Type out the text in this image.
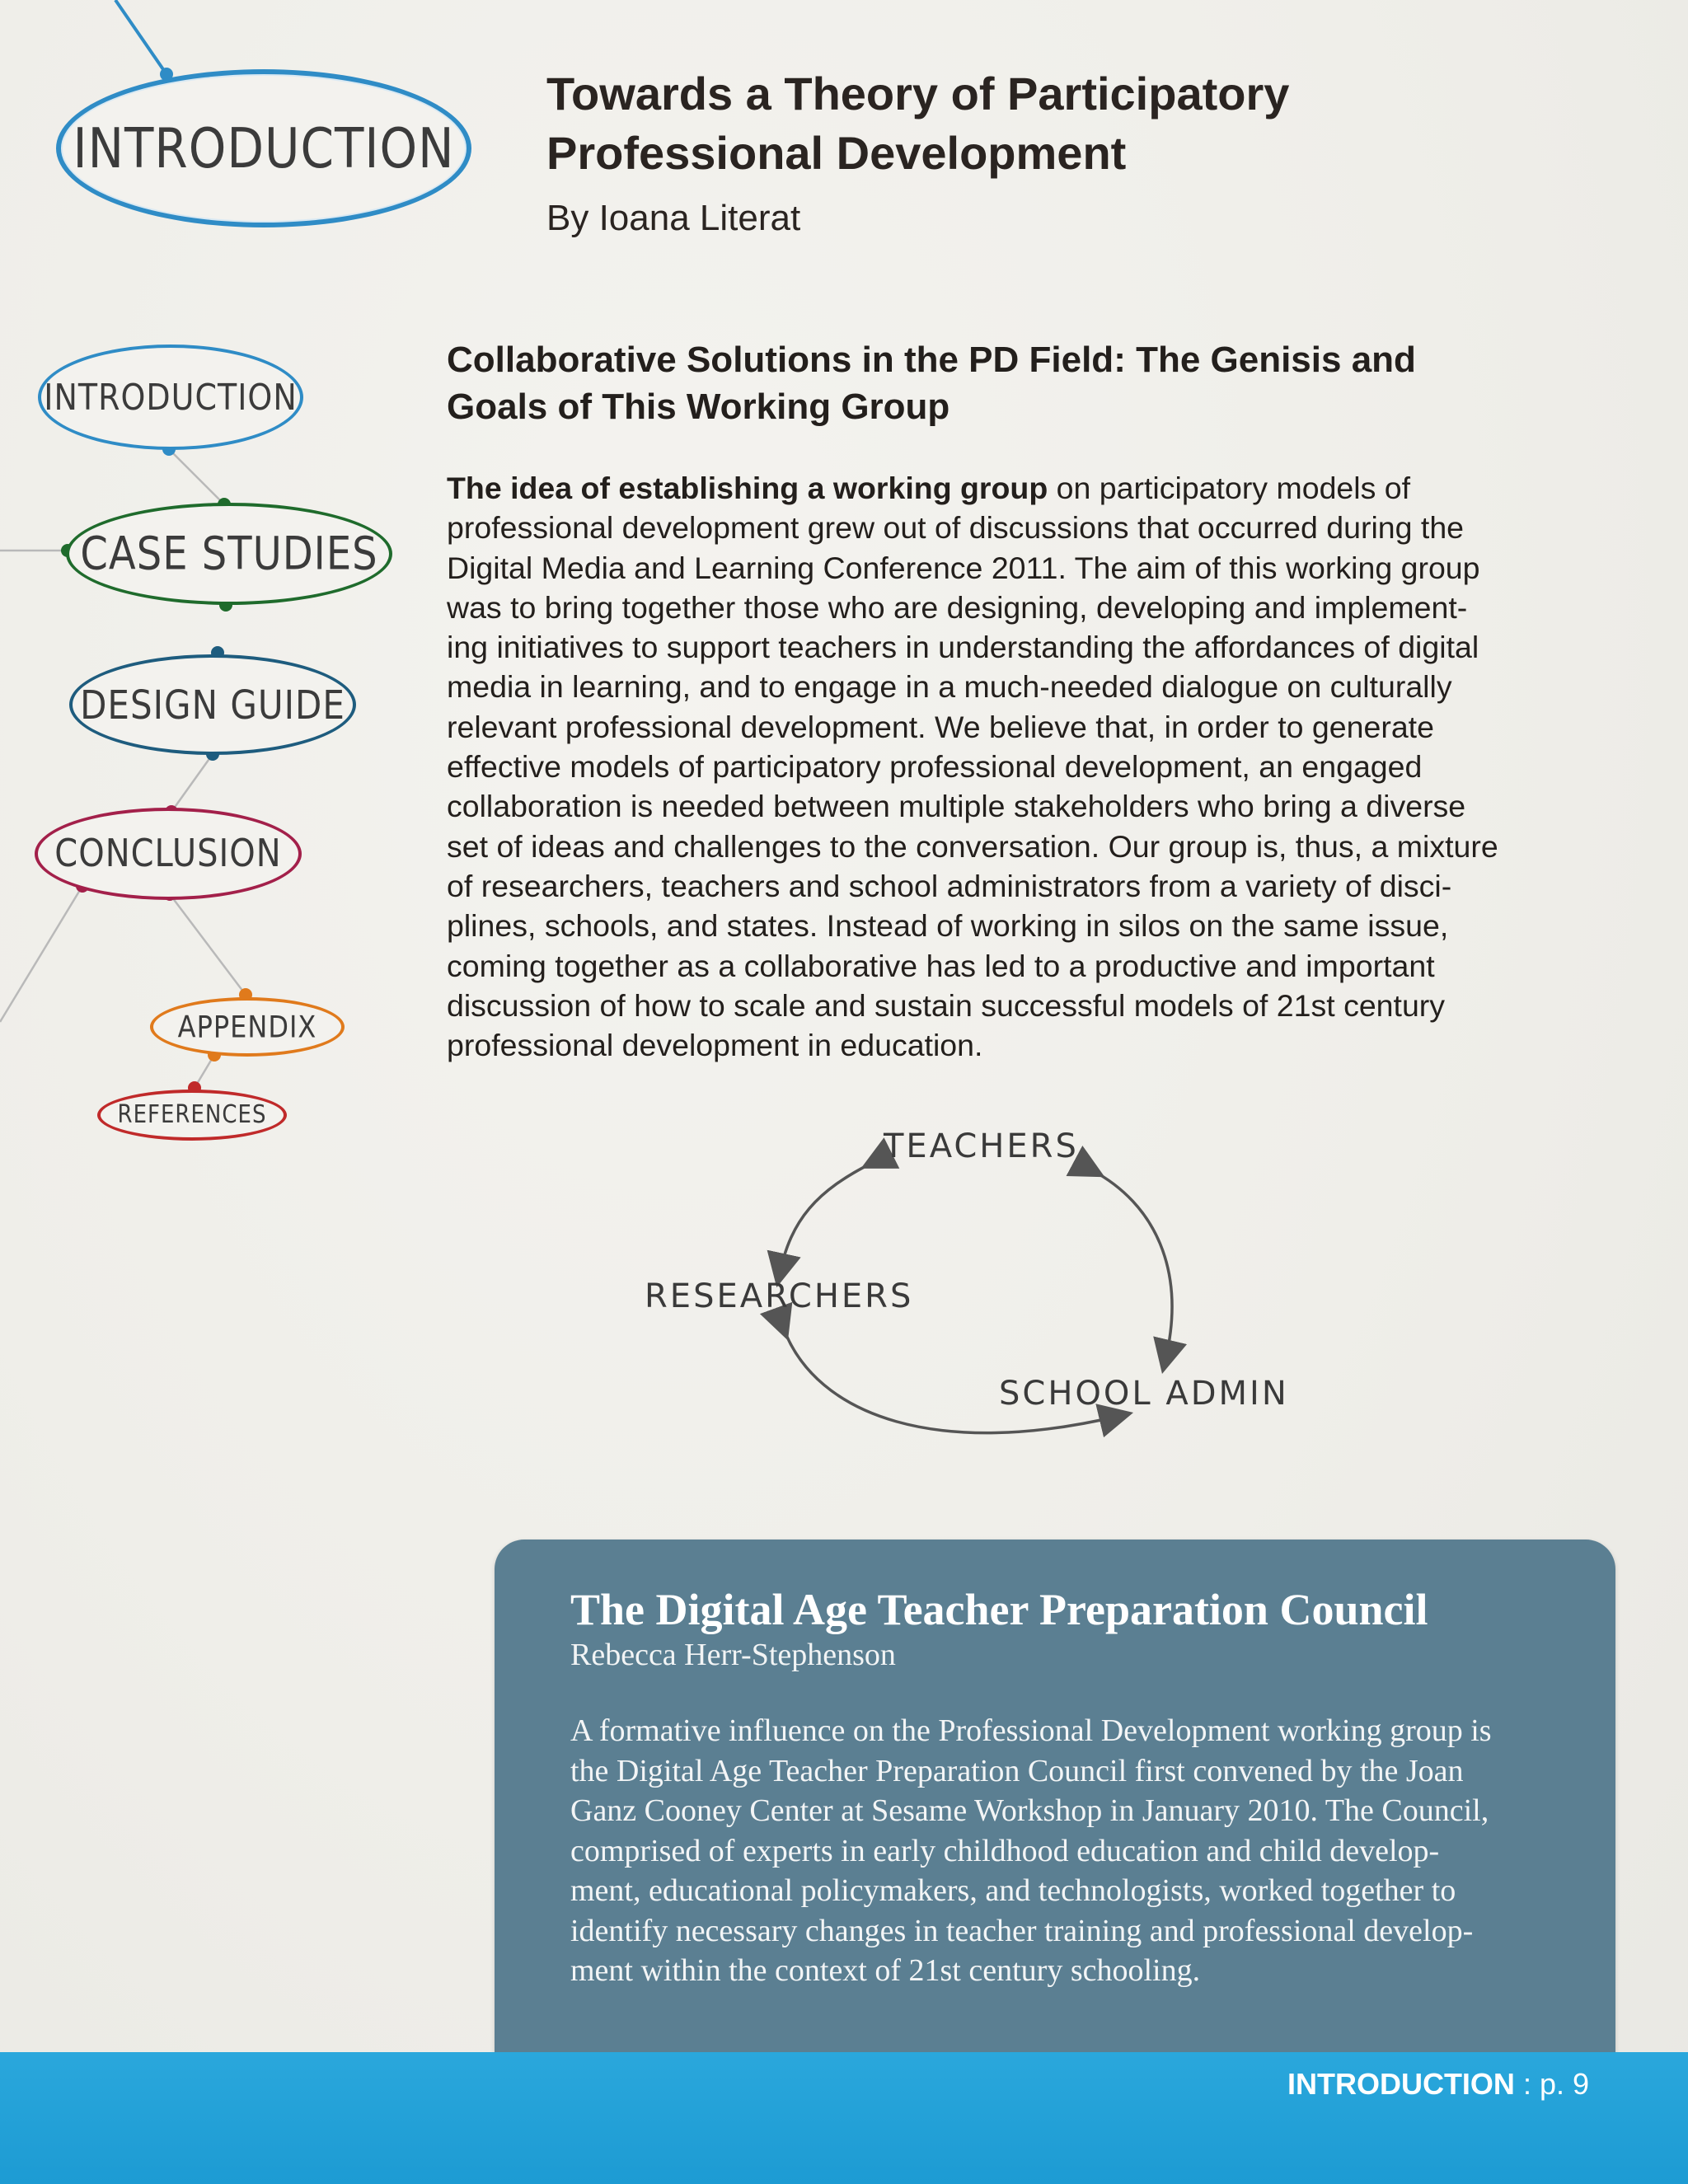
INTRODUCTION
INTRODUCTION
CASE STUDIES
DESIGN GUIDE
CONCLUSION
APPENDIX
REFERENCES
Towards a Theory of Participatory
Professional Development
By Ioana Literat
Collaborative Solutions in the PD Field: The Genisis and
Goals of This Working Group
The idea of establishing a working group on participatory models of
professional development grew out of discussions that occurred during the
Digital Media and Learning Conference 2011. The aim of this working group
was to bring together those who are designing, developing and implement-
ing initiatives to support teachers in understanding the affordances of digital
media in learning, and to engage in a much-needed dialogue on culturally
relevant professional development. We believe that, in order to generate
effective models of participatory professional development, an engaged
collaboration is needed between multiple stakeholders who bring a diverse
set of ideas and challenges to the conversation. Our group is, thus, a mixture
of researchers, teachers and school administrators from a variety of disci-
plines, schools, and states. Instead of working in silos on the same issue,
coming together as a collaborative has led to a productive and important
discussion of how to scale and sustain successful models of 21st century
professional development in education.
TEACHERS
RESEARCHERS
SCHOOL ADMIN
The Digital Age Teacher Preparation Council
Rebecca Herr-Stephenson
A formative influence on the Professional Development working group is
the Digital Age Teacher Preparation Council first convened by the Joan
Ganz Cooney Center at Sesame Workshop in January 2010. The Council,
comprised of experts in early childhood education and child develop-
ment, educational policymakers, and technologists, worked together to
identify necessary changes in teacher training and professional develop-
ment within the context of 21st century schooling.
INTRODUCTION : p. 9
